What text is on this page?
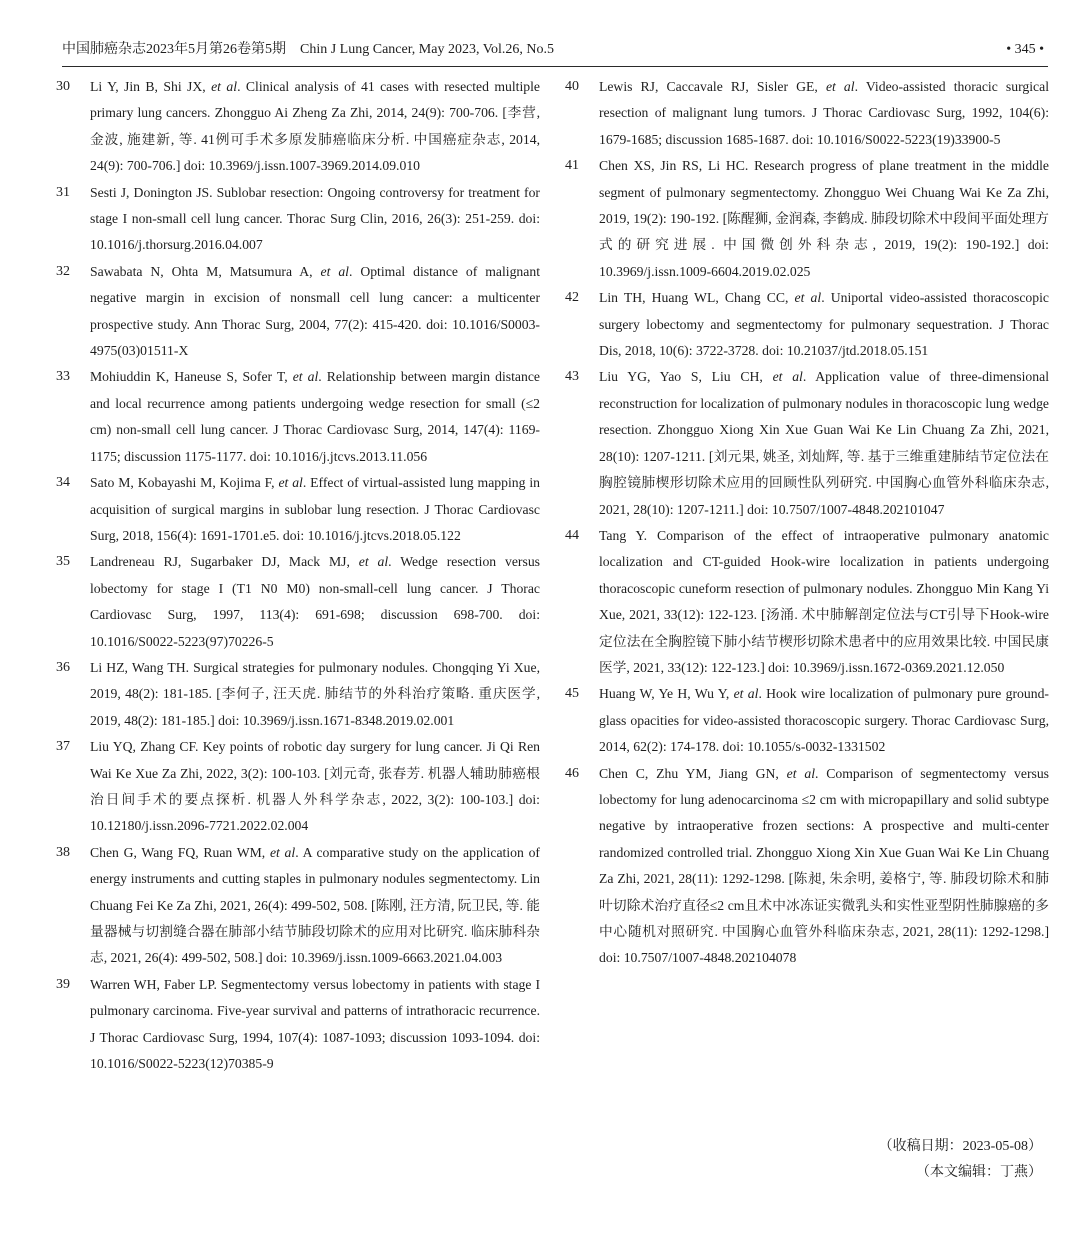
中国肺癌杂志2023年5月第26卷第5期　Chin J Lung Cancer, May 2023, Vol.26, No.5	• 345 •
30	Li Y, Jin B, Shi JX, et al. Clinical analysis of 41 cases with resected multiple primary lung cancers. Zhongguo Ai Zheng Za Zhi, 2014, 24(9): 700-706. [李营, 金波, 施建新, 等. 41例可手术多原发肺癌临床分析. 中国癌症杂志, 2014, 24(9): 700-706.] doi: 10.3969/j.issn.1007-3969.2014.09.010
31	Sesti J, Donington JS. Sublobar resection: Ongoing controversy for treatment for stage I non-small cell lung cancer. Thorac Surg Clin, 2016, 26(3): 251-259. doi: 10.1016/j.thorsurg.2016.04.007
32	Sawabata N, Ohta M, Matsumura A, et al. Optimal distance of malignant negative margin in excision of nonsmall cell lung cancer: a multicenter prospective study. Ann Thorac Surg, 2004, 77(2): 415-420. doi: 10.1016/S0003-4975(03)01511-X
33	Mohiuddin K, Haneuse S, Sofer T, et al. Relationship between margin distance and local recurrence among patients undergoing wedge resection for small (≤2 cm) non-small cell lung cancer. J Thorac Cardiovasc Surg, 2014, 147(4): 1169-1175; discussion 1175-1177. doi: 10.1016/j.jtcvs.2013.11.056
34	Sato M, Kobayashi M, Kojima F, et al. Effect of virtual-assisted lung mapping in acquisition of surgical margins in sublobar lung resection. J Thorac Cardiovasc Surg, 2018, 156(4): 1691-1701.e5. doi: 10.1016/j.jtcvs.2018.05.122
35	Landreneau RJ, Sugarbaker DJ, Mack MJ, et al. Wedge resection versus lobectomy for stage I (T1 N0 M0) non-small-cell lung cancer. J Thorac Cardiovasc Surg, 1997, 113(4): 691-698; discussion 698-700. doi: 10.1016/S0022-5223(97)70226-5
36	Li HZ, Wang TH. Surgical strategies for pulmonary nodules. Chongqing Yi Xue, 2019, 48(2): 181-185. [李何子, 汪天虎. 肺结节的外科治疗策略. 重庆医学, 2019, 48(2): 181-185.] doi: 10.3969/j.issn.1671-8348.2019.02.001
37	Liu YQ, Zhang CF. Key points of robotic day surgery for lung cancer. Ji Qi Ren Wai Ke Xue Za Zhi, 2022, 3(2): 100-103. [刘元奇, 张春芳. 机器人辅助肺癌根治日间手术的要点探析. 机器人外科学杂志, 2022, 3(2): 100-103.] doi: 10.12180/j.issn.2096-7721.2022.02.004
38	Chen G, Wang FQ, Ruan WM, et al. A comparative study on the application of energy instruments and cutting staples in pulmonary nodules segmentectomy. Lin Chuang Fei Ke Za Zhi, 2021, 26(4): 499-502, 508. [陈刚, 汪方清, 阮卫民, 等. 能量器械与切割缝合器在肺部小结节肺段切除术的应用对比研究. 临床肺科杂志, 2021, 26(4): 499-502, 508.] doi: 10.3969/j.issn.1009-6663.2021.04.003
39	Warren WH, Faber LP. Segmentectomy versus lobectomy in patients with stage I pulmonary carcinoma. Five-year survival and patterns of intrathoracic recurrence. J Thorac Cardiovasc Surg, 1994, 107(4): 1087-1093; discussion 1093-1094. doi: 10.1016/S0022-5223(12)70385-9
40	Lewis RJ, Caccavale RJ, Sisler GE, et al. Video-assisted thoracic surgical resection of malignant lung tumors. J Thorac Cardiovasc Surg, 1992, 104(6): 1679-1685; discussion 1685-1687. doi: 10.1016/S0022-5223(19)33900-5
41	Chen XS, Jin RS, Li HC. Research progress of plane treatment in the middle segment of pulmonary segmentectomy. Zhongguo Wei Chuang Wai Ke Za Zhi, 2019, 19(2): 190-192. [陈醒狮, 金润森, 李鹤成. 肺段切除术中段间平面处理方式的研究进展. 中国微创外科杂志, 2019, 19(2): 190-192.] doi: 10.3969/j.issn.1009-6604.2019.02.025
42	Lin TH, Huang WL, Chang CC, et al. Uniportal video-assisted thoracoscopic surgery lobectomy and segmentectomy for pulmonary sequestration. J Thorac Dis, 2018, 10(6): 3722-3728. doi: 10.21037/jtd.2018.05.151
43	Liu YG, Yao S, Liu CH, et al. Application value of three-dimensional reconstruction for localization of pulmonary nodules in thoracoscopic lung wedge resection. Zhongguo Xiong Xin Xue Guan Wai Ke Lin Chuang Za Zhi, 2021, 28(10): 1207-1211. [刘元果, 姚圣, 刘灿辉, 等. 基于三维重建肺结节定位法在胸腔镜肺楔形切除术应用的回顾性队列研究. 中国胸心血管外科临床杂志, 2021, 28(10): 1207-1211.] doi: 10.7507/1007-4848.202101047
44	Tang Y. Comparison of the effect of intraoperative pulmonary anatomic localization and CT-guided Hook-wire localization in patients undergoing thoracoscopic cuneform resection of pulmonary nodules. Zhongguo Min Kang Yi Xue, 2021, 33(12): 122-123. [汤涌. 术中肺解剖定位法与CT引导下Hook-wire定位法在全胸腔镜下肺小结节楔形切除术患者中的应用效果比较. 中国民康医学, 2021, 33(12): 122-123.] doi: 10.3969/j.issn.1672-0369.2021.12.050
45	Huang W, Ye H, Wu Y, et al. Hook wire localization of pulmonary pure ground-glass opacities for video-assisted thoracoscopic surgery. Thorac Cardiovasc Surg, 2014, 62(2): 174-178. doi: 10.1055/s-0032-1331502
46	Chen C, Zhu YM, Jiang GN, et al. Comparison of segmentectomy versus lobectomy for lung adenocarcinoma ≤2 cm with micropapillary and solid subtype negative by intraoperative frozen sections: A prospective and multi-center randomized controlled trial. Zhongguo Xiong Xin Xue Guan Wai Ke Lin Chuang Za Zhi, 2021, 28(11): 1292-1298. [陈昶, 朱余明, 姜格宁, 等. 肺段切除术和肺叶切除术治疗直径≤2 cm且术中冰冻证实微乳头和实性亚型阴性肺腺癌的多中心随机对照研究. 中国胸心血管外科临床杂志, 2021, 28(11): 1292-1298.] doi: 10.7507/1007-4848.202104078
（收稿日期：2023-05-08）
（本文编辑：丁燕）
